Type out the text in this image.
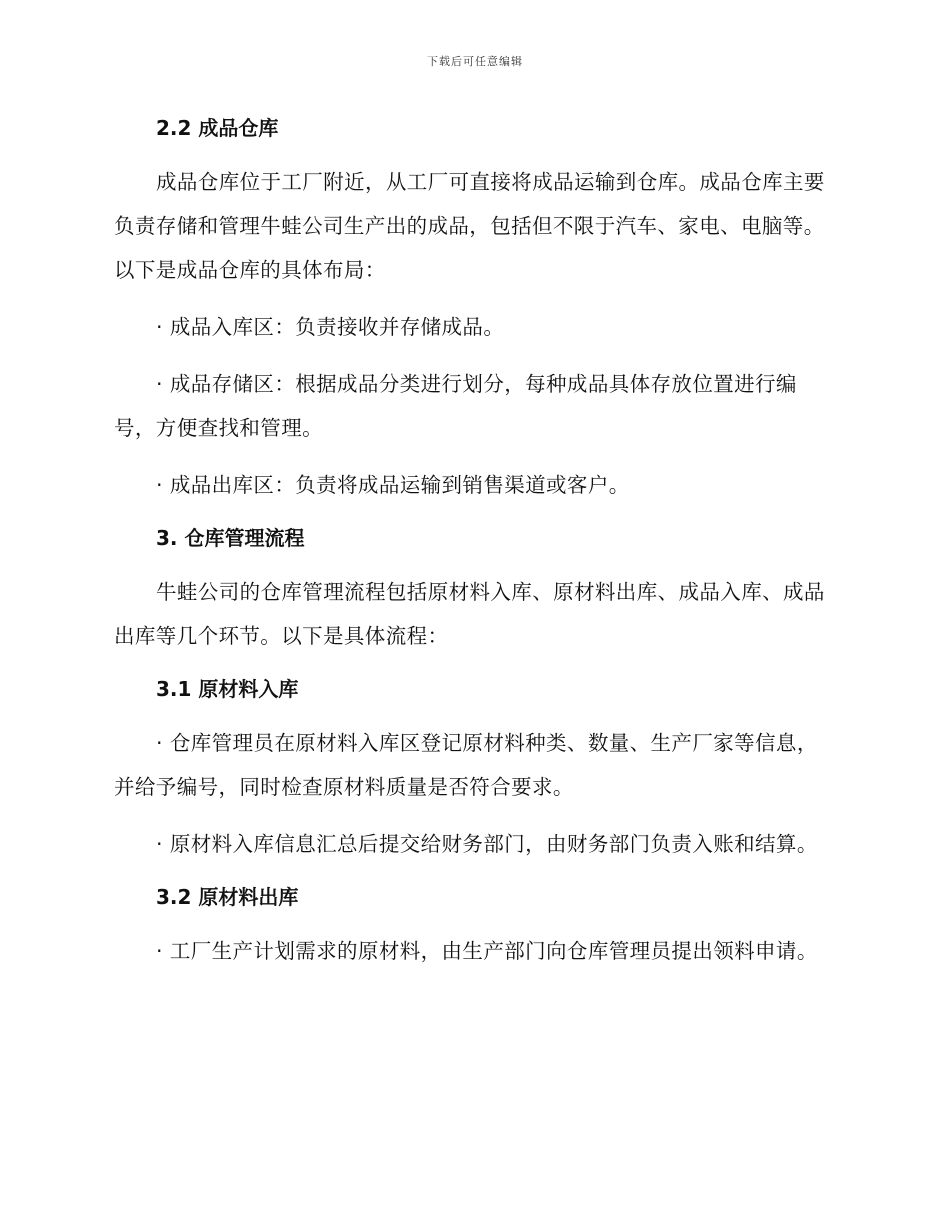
下载后可任意编辑
2.2 成品仓库

成品仓库位于工厂附近，从工厂可直接将成品运输到仓库。成品仓库主要负责存储和管理牛蛙公司生产出的成品，包括但不限于汽车、家电、电脑等。以下是成品仓库的具体布局：

· 成品入库区：负责接收并存储成品。

· 成品存储区：根据成品分类进行划分，每种成品具体存放位置进行编号，方便查找和管理。

· 成品出库区：负责将成品运输到销售渠道或客户。

3. 仓库管理流程

牛蛙公司的仓库管理流程包括原材料入库、原材料出库、成品入库、成品出库等几个环节。以下是具体流程：

3.1 原材料入库

· 仓库管理员在原材料入库区登记原材料种类、数量、生产厂家等信息，并给予编号，同时检查原材料质量是否符合要求。

· 原材料入库信息汇总后提交给财务部门，由财务部门负责入账和结算。

3.2 原材料出库

· 工厂生产计划需求的原材料，由生产部门向仓库管理员提出领料申请。
